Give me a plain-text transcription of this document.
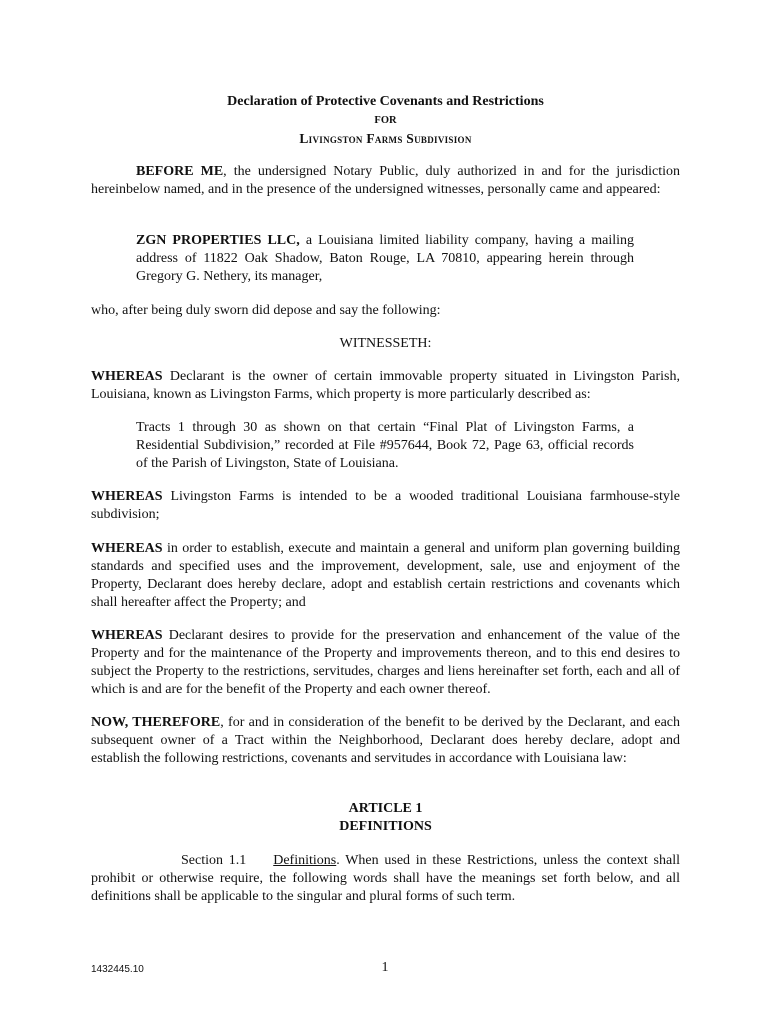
Declaration of Protective Covenants and Restrictions
FOR
Livingston Farms Subdivision

BEFORE ME, the undersigned Notary Public, duly authorized in and for the jurisdiction hereinbelow named, and in the presence of the undersigned witnesses, personally came and appeared:

ZGN PROPERTIES LLC, a Louisiana limited liability company, having a mailing address of 11822 Oak Shadow, Baton Rouge, LA 70810, appearing herein through Gregory G. Nethery, its manager,

who, after being duly sworn did depose and say the following:

WITNESSETH:

WHEREAS Declarant is the owner of certain immovable property situated in Livingston Parish, Louisiana, known as Livingston Farms, which property is more particularly described as:

Tracts 1 through 30 as shown on that certain “Final Plat of Livingston Farms, a Residential Subdivision,” recorded at File #957644, Book 72, Page 63, official records of the Parish of Livingston, State of Louisiana.

WHEREAS Livingston Farms is intended to be a wooded traditional Louisiana farmhouse-style subdivision;

WHEREAS in order to establish, execute and maintain a general and uniform plan governing building standards and specified uses and the improvement, development, sale, use and enjoyment of the Property, Declarant does hereby declare, adopt and establish certain restrictions and covenants which shall hereafter affect the Property; and

WHEREAS Declarant desires to provide for the preservation and enhancement of the value of the Property and for the maintenance of the Property and improvements thereon, and to this end desires to subject the Property to the restrictions, servitudes, charges and liens hereinafter set forth, each and all of which is and are for the benefit of the Property and each owner thereof.

NOW, THEREFORE, for and in consideration of the benefit to be derived by the Declarant, and each subsequent owner of a Tract within the Neighborhood, Declarant does hereby declare, adopt and establish the following restrictions, covenants and servitudes in accordance with Louisiana law:

ARTICLE 1
DEFINITIONS

Section 1.1 Definitions. When used in these Restrictions, unless the context shall prohibit or otherwise require, the following words shall have the meanings set forth below, and all definitions shall be applicable to the singular and plural forms of such term.

1432445.10	1
